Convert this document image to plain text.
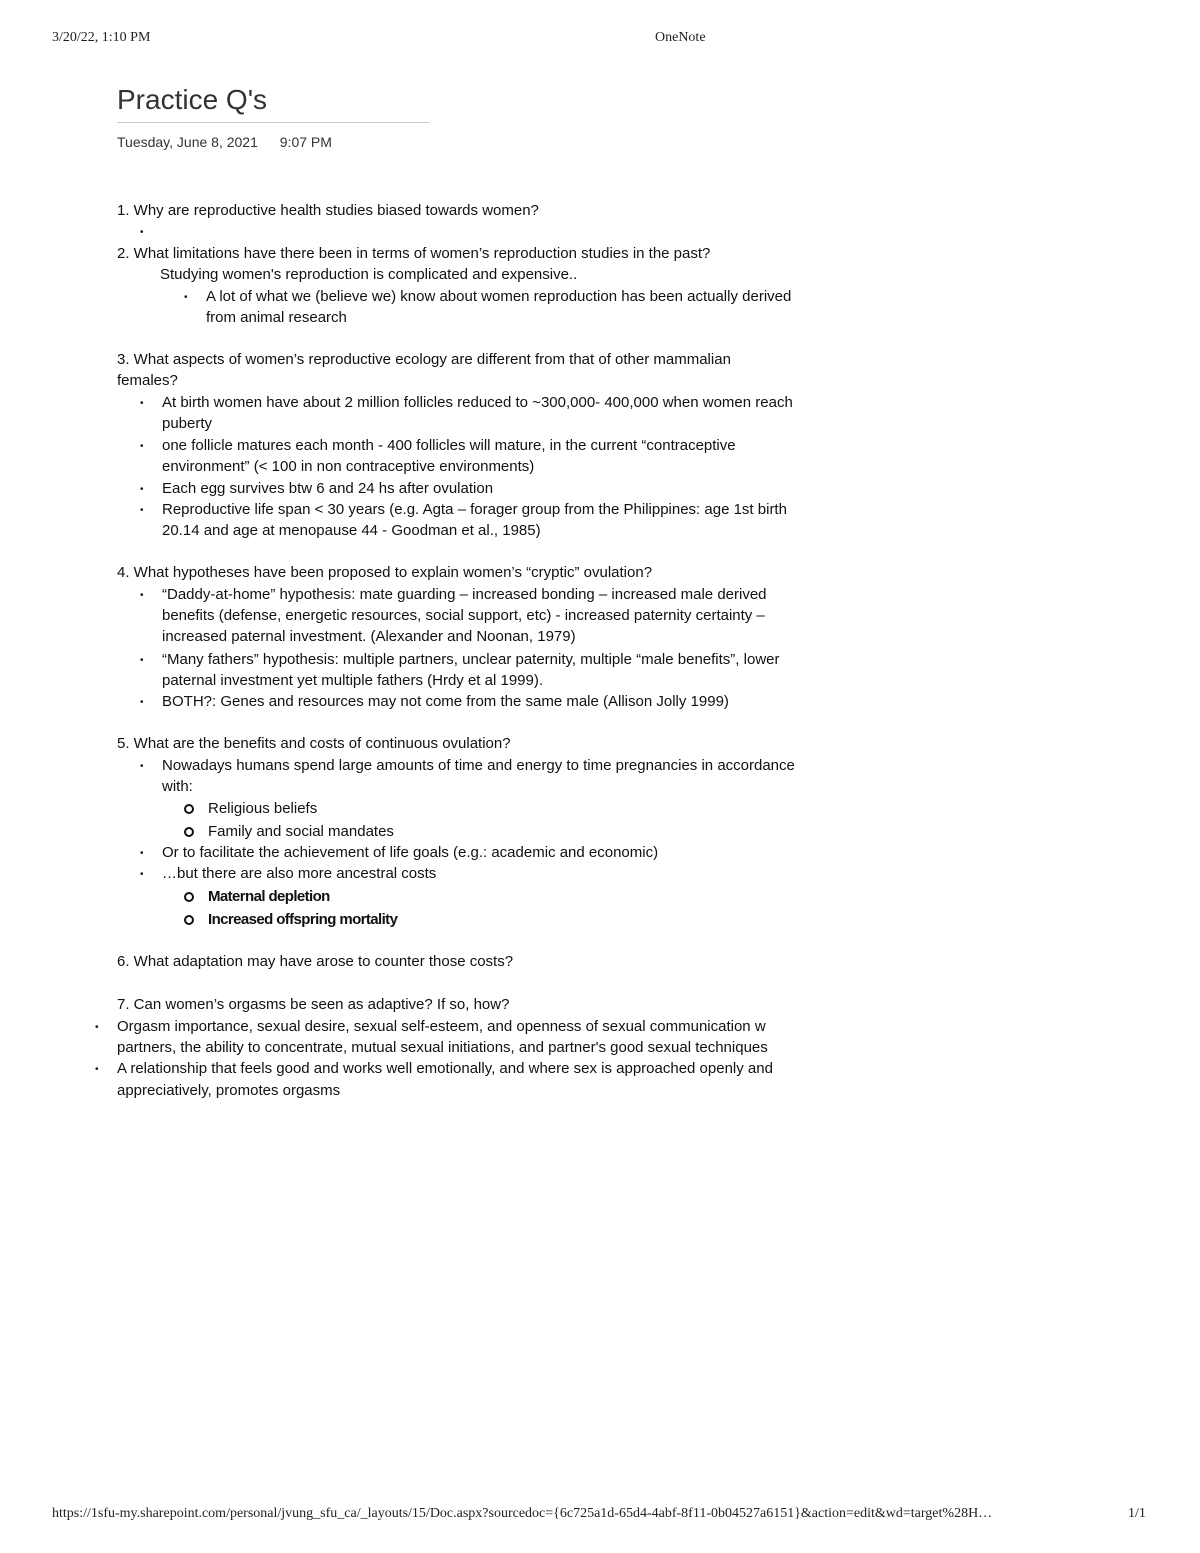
3/20/22, 1:10 PM	OneNote
Practice Q's
Tuesday, June 8, 2021 9:07 PM
1. Why are reproductive health studies biased towards women?
2. What limitations have there been in terms of women’s reproduction studies in the past?
Studying women's reproduction is complicated and expensive..
• A lot of what we (believe we) know about women reproduction has been actually derived
from animal research
3. What aspects of women’s reproductive ecology are different from that of other mammalian
females?
• At birth women have about 2 million follicles reduced to ~300,000- 400,000 when women reach
puberty
• one follicle matures each month - 400 follicles will mature, in the current “contraceptive
environment” (< 100 in non contraceptive environments)
• Each egg survives btw 6 and 24 hs after ovulation
• Reproductive life span < 30 years (e.g. Agta – forager group from the Philippines: age 1st birth
20.14 and age at menopause 44 - Goodman et al., 1985)
4. What hypotheses have been proposed to explain women’s “cryptic” ovulation?
• “Daddy-at-home” hypothesis: mate guarding – increased bonding – increased male derived
benefits (defense, energetic resources, social support, etc) - increased paternity certainty –
increased paternal investment. (Alexander and Noonan, 1979)
• “Many fathers” hypothesis: multiple partners, unclear paternity, multiple “male benefits”, lower
paternal investment yet multiple fathers (Hrdy et al 1999).
• BOTH?: Genes and resources may not come from the same male (Allison Jolly 1999)
5. What are the benefits and costs of continuous ovulation?
• Nowadays humans spend large amounts of time and energy to time pregnancies in accordance
with:
Religious beliefs
Family and social mandates
• Or to facilitate the achievement of life goals (e.g.: academic and economic)
• …but there are also more ancestral costs
Maternal depletion
Increased offspring mortality
6. What adaptation may have arose to counter those costs?
7. Can women’s orgasms be seen as adaptive? If so, how?
• Orgasm importance, sexual desire, sexual self-esteem, and openness of sexual communication w
partners, the ability to concentrate, mutual sexual initiations, and partner's good sexual techniques
• A relationship that feels good and works well emotionally, and where sex is approached openly and
appreciatively, promotes orgasms
https://1sfu-my.sharepoint.com/personal/jvung_sfu_ca/_layouts/15/Doc.aspx?sourcedoc={6c725a1d-65d4-4abf-8f11-0b04527a6151}&action=edit&wd=target%28H…	1/1
